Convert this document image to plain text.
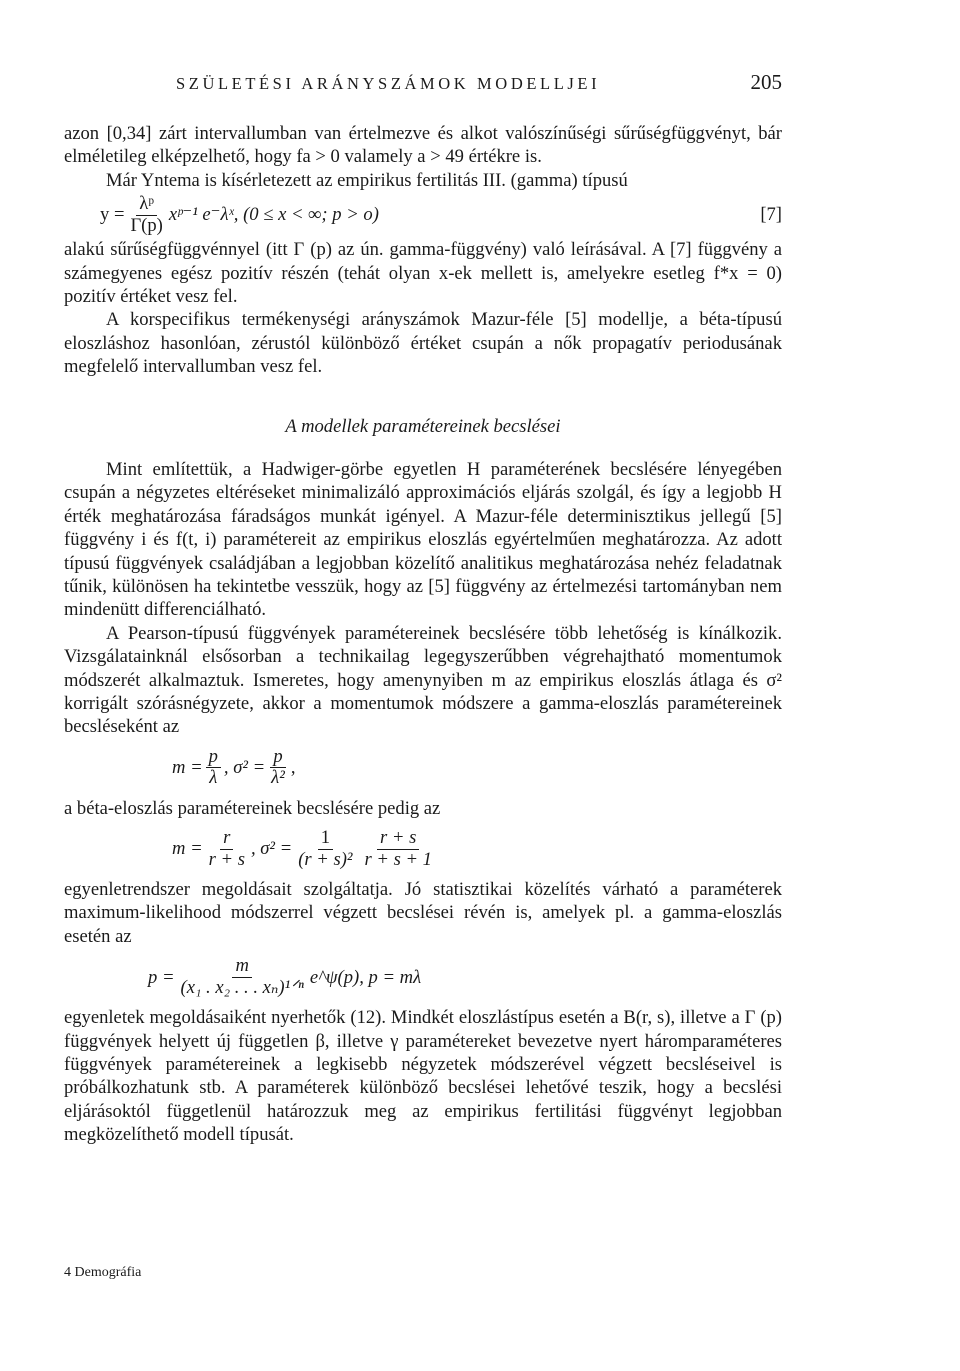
SZÜLETÉSI ARÁNYSZÁMOK MODELLJEI	205

azon [0,34] zárt intervallumban van értelmezve és alkot valószínűségi sűrűségfüggvényt, bár elméletileg elképzelhető, hogy fa > 0 valamely a > 49 értékre is.

Már Yntema is kísérletezett az empirikus fertilitás III. (gamma) típusú

$y = \frac{\text{λᵖ}}{\Gamma(p)}$ xᵖ⁻¹ e⁻λˣ, (0 ≤ x < ∞; p > o)	[7]

alakú sűrűségfüggvénnyel (itt Γ (p) az ún. gamma-függvény) való leírásával. A [7] függvény a számegyenes egész pozitív részén (tehát olyan x-ek mellett is, amelyekre esetleg f*x = 0) pozitív értéket vesz fel.

A korspecifikus termékenységi arányszámok Mazur-féle [5] modellje, a béta-típusú eloszláshoz hasonlóan, zérustól különböző értéket csupán a nők propagatív periodusának megfelelő intervallumban vesz fel.

A modellek paramétereinek becslései

Mint említettük, a Hadwiger-görbe egyetlen H paraméterének becslésére lényegében csupán a négyzetes eltéréseket minimalizáló approximációs eljárás szolgál, és így a legjobb H érték meghatározása fáradságos munkát igényel. A Mazur-féle determinisztikus jellegű [5] függvény i és f(t, i) paramétereit az empirikus eloszlás egyértelműen meghatározza. Az adott típusú függvények családjában a legjobban közelítő analitikus meghatározása nehéz feladatnak tűnik, különösen ha tekintetbe vesszük, hogy az [5] függvény az értelmezési tartományban nem mindenütt differenciálható.

A Pearson-típusú függvények paramétereinek becslésére több lehetőség is kínálkozik. Vizsgálatainknál elsősorban a technikailag legegyszerűbben végrehajtható momentumok módszerét alkalmaztuk. Ismeretes, hogy amenynyiben m az empirikus eloszlás átlaga és σ² korrigált szórásnégyzete, akkor a momentumok módszere a gamma-eloszlás paramétereinek becsléseként az

$m = \frac{p}{\lambda}$ , $\sigma^2 = \frac{p}{\text{λ²}}$ ,

a béta-eloszlás paramétereinek becslésére pedig az

$m = \frac{r}{r + s}$ , $\sigma^2 = \frac{1}{\text{(r + s)²}} \frac{r + s}{r + s + 1}$

egyenletrendszer megoldásait szolgáltatja. Jó statisztikai közelítés várható a paraméterek maximum-likelihood módszerrel végzett becslései révén is, amelyek pl. a gamma-eloszlás esetén az

$p = \frac{m}{\text{(x₁ . x₂ . . . xₙ)¹ᐟⁿ}}$ e^ψ(p), p = mλ

egyenletek megoldásaiként nyerhetők (12). Mindkét eloszlástípus esetén a B(r, s), illetve a Γ (p) függvények helyett új független β, illetve γ paramétereket bevezetve nyert háromparaméteres függvények paramétereinek a legkisebb négyzetek módszerével végzett becsléseivel is próbálkozhatunk stb. A paraméterek különböző becslései lehetővé teszik, hogy a becslési eljárásoktól függetlenül határozzuk meg az empirikus fertilitási függvényt legjobban megközelíthető modell típusát.

4 Demográfia
